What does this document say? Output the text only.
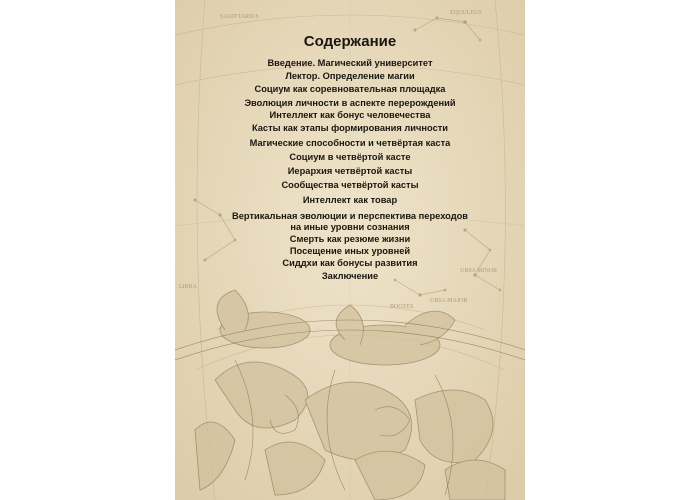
SAGITTARIUS
EQUULEUS
LIBRA
BOOTES
URSA MAJOR
URSA MINOR
Содержание
Введение. Магический университет
Лектор. Определение магии
Социум как соревновательная площадка
Эволюция личности в аспекте перерождений
Интеллект как бонус человечества
Касты как этапы формирования личности
Магические способности и четвёртая каста
Социум в четвёртой касте
Иерархия четвёртой касты
Сообщества четвёртой касты
Интеллект как товар
Вертикальная эволюции и перспектива переходов
на иные уровни сознания
Смерть как резюме жизни
Посещение иных уровней
Сиддхи как бонусы развития
Заключение
